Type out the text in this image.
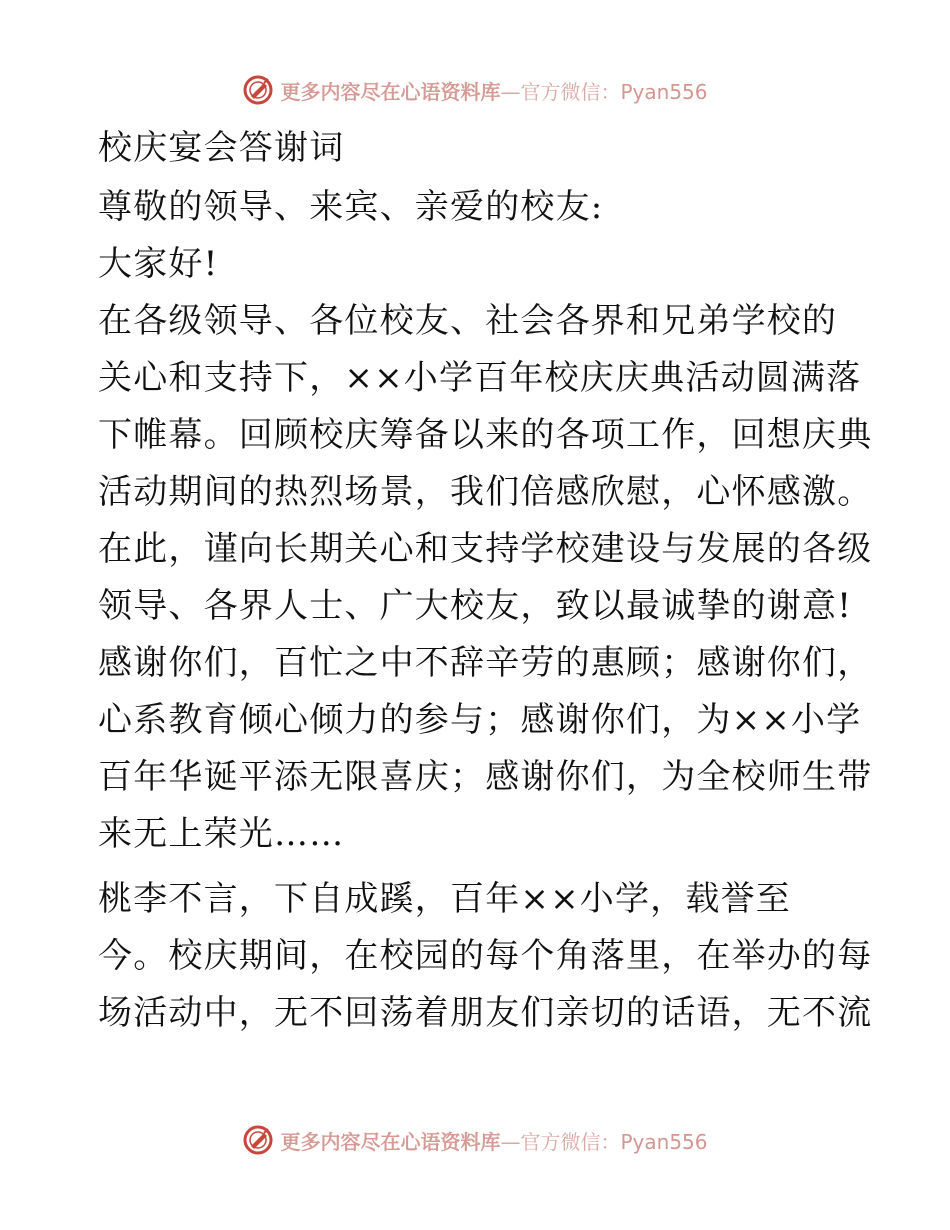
更多内容尽在心语资料库—官方微信：Pyan556

校庆宴会答谢词

尊敬的领导、来宾、亲爱的校友:

大家好!

在各级领导、各位校友、社会各界和兄弟学校的

关心和支持下，××小学百年校庆庆典活动圆满落

下帷幕。回顾校庆筹备以来的各项工作，回想庆典

活动期间的热烈场景，我们倍感欣慰，心怀感激。

在此，谨向长期关心和支持学校建设与发展的各级

领导、各界人士、广大校友，致以最诚挚的谢意!

感谢你们，百忙之中不辞辛劳的惠顾；感谢你们，

心系教育倾心倾力的参与；感谢你们，为××小学

百年华诞平添无限喜庆；感谢你们，为全校师生带

来无上荣光……

桃李不言，下自成蹊，百年××小学，载誉至

今。校庆期间，在校园的每个角落里，在举办的每

场活动中，无不回荡着朋友们亲切的话语，无不流

更多内容尽在心语资料库—官方微信：Pyan556
